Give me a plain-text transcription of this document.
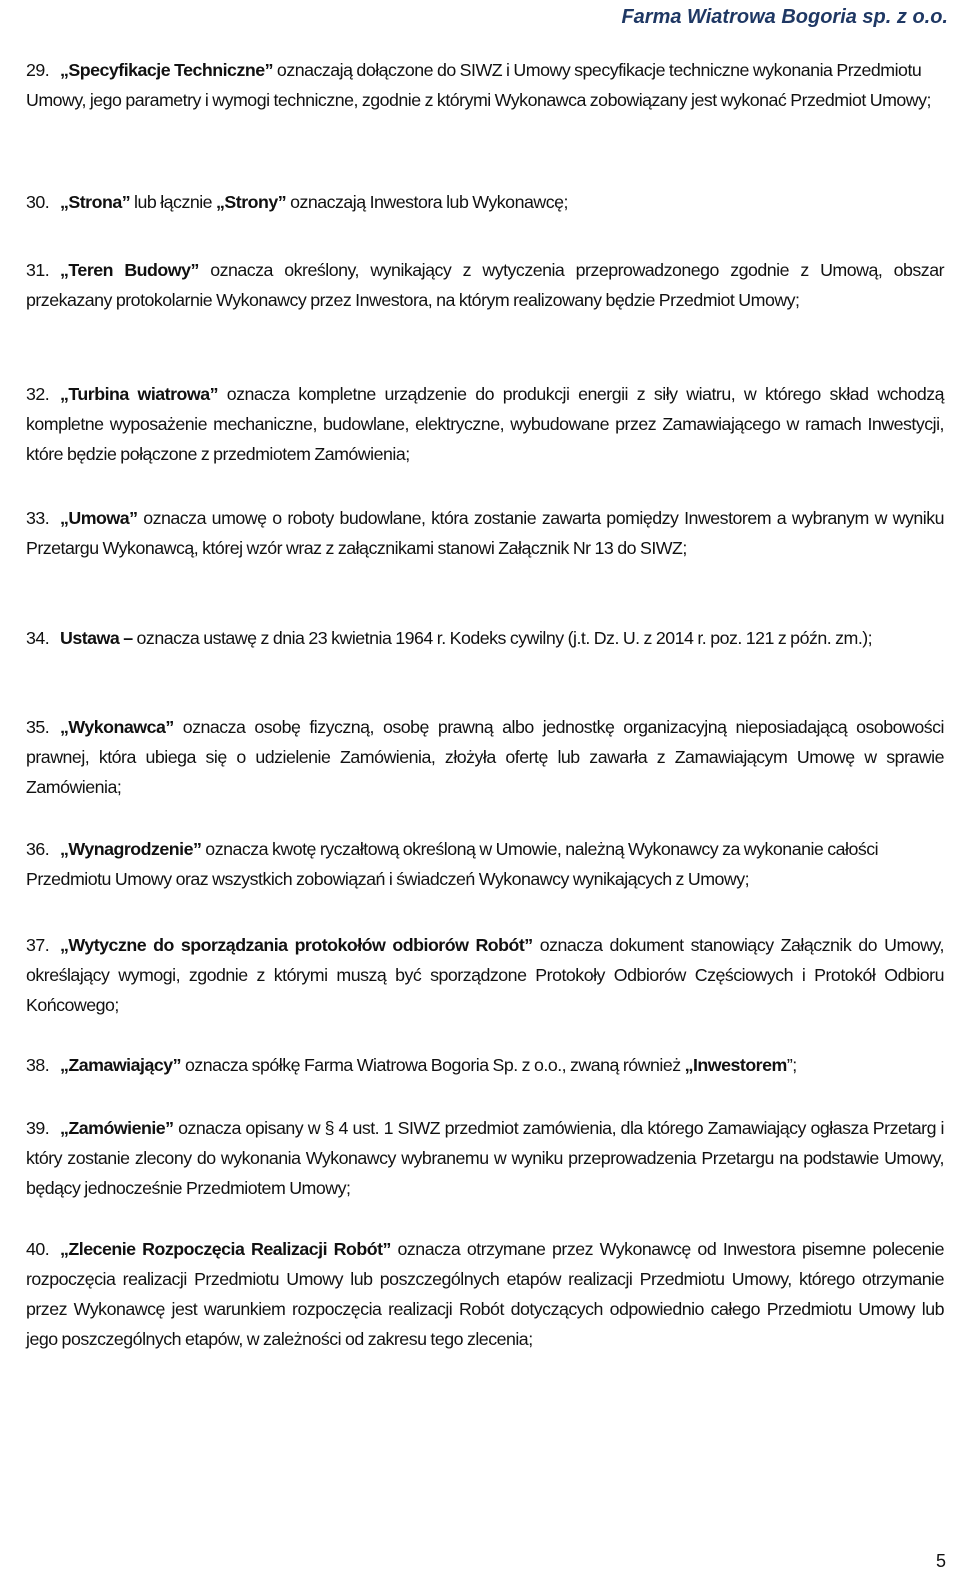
Farma Wiatrowa Bogoria sp. z o.o.

29. „Specyfikacje Techniczne” oznaczają dołączone do SIWZ i Umowy specyfikacje techniczne wykonania Przedmiotu Umowy, jego parametry i wymogi techniczne, zgodnie z którymi Wykonawca zobowiązany jest wykonać Przedmiot Umowy;

30. „Strona” lub łącznie „Strony” oznaczają Inwestora lub Wykonawcę;

31. „Teren Budowy” oznacza określony, wynikający z wytyczenia przeprowadzonego zgodnie z Umową, obszar przekazany protokolarnie Wykonawcy przez Inwestora, na którym realizowany będzie Przedmiot Umowy;

32. „Turbina wiatrowa” oznacza kompletne urządzenie do produkcji energii z siły wiatru, w którego skład wchodzą kompletne wyposażenie mechaniczne, budowlane, elektryczne, wybudowane przez Zamawiającego w ramach Inwestycji, które będzie połączone z przedmiotem Zamówienia;

33. „Umowa” oznacza umowę o roboty budowlane, która zostanie zawarta pomiędzy Inwestorem a wybranym w wyniku Przetargu Wykonawcą, której wzór wraz z załącznikami stanowi Załącznik Nr 13 do SIWZ;

34. Ustawa – oznacza ustawę z dnia 23 kwietnia 1964 r. Kodeks cywilny (j.t. Dz. U. z 2014 r. poz. 121 z późn. zm.);

35. „Wykonawca” oznacza osobę fizyczną, osobę prawną albo jednostkę organizacyjną nieposiadającą osobowości prawnej, która ubiega się o udzielenie Zamówienia, złożyła ofertę lub zawarła z Zamawiającym Umowę w sprawie Zamówienia;

36. „Wynagrodzenie” oznacza kwotę ryczałtową określoną w Umowie, należną Wykonawcy za wykonanie całości Przedmiotu Umowy oraz wszystkich zobowiązań i świadczeń Wykonawcy wynikających z Umowy;

37. „Wytyczne do sporządzania protokołów odbiorów Robót” oznacza dokument stanowiący Załącznik do Umowy, określający wymogi, zgodnie z którymi muszą być sporządzone Protokoły Odbiorów Częściowych i Protokół Odbioru Końcowego;

38. „Zamawiający” oznacza spółkę Farma Wiatrowa Bogoria Sp. z o.o., zwaną również „Inwestorem”;

39. „Zamówienie” oznacza opisany w § 4 ust. 1 SIWZ przedmiot zamówienia, dla którego Zamawiający ogłasza Przetarg i który zostanie zlecony do wykonania Wykonawcy wybranemu w wyniku przeprowadzenia Przetargu na podstawie Umowy, będący jednocześnie Przedmiotem Umowy;

40. „Zlecenie Rozpoczęcia Realizacji Robót” oznacza otrzymane przez Wykonawcę od Inwestora pisemne polecenie rozpoczęcia realizacji Przedmiotu Umowy lub poszczególnych etapów realizacji Przedmiotu Umowy, którego otrzymanie przez Wykonawcę jest warunkiem rozpoczęcia realizacji Robót dotyczących odpowiednio całego Przedmiotu Umowy lub jego poszczególnych etapów, w zależności od zakresu tego zlecenia;

5
